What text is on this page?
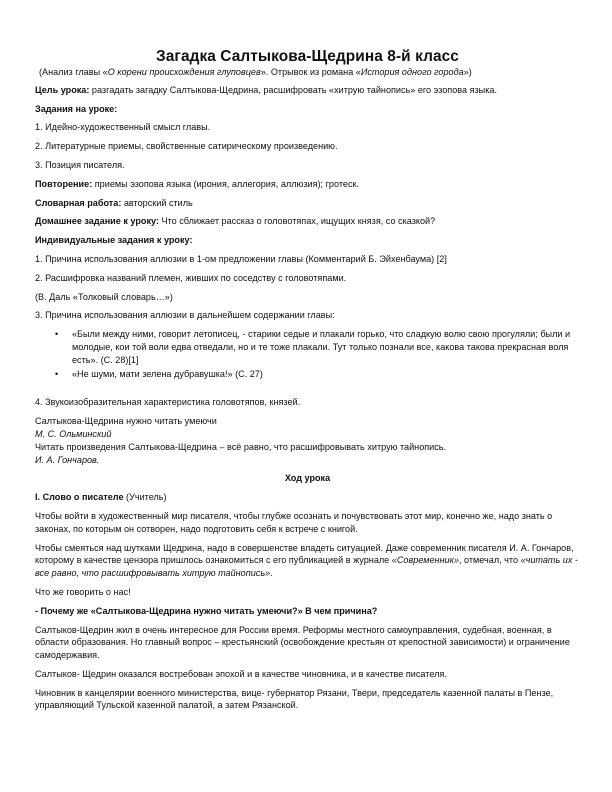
Загадка Салтыкова-Щедрина 8-й класс

(Анализ главы «О корени происхождения глуповцев». Отрывок из романа «История одного города»)

Цель урока: разгадать загадку Салтыкова-Щедрина, расшифровать «хитрую тайнопись» его эзопова языка.

Задания на уроке:

1. Идейно-художественный смысл главы.

2. Литературные приемы, свойственные сатирическому произведению.

3. Позиция писателя.

Повторение: приемы эзопова языка (ирония, аллегория, аллюзия); гротеск.

Словарная работа: авторский стиль

Домашнее задание к уроку: Что сближает рассказ о головотяпах, ищущих князя, со сказкой?

Индивидуальные задания к уроку:

1. Причина использования аллюзии в 1-ом предложении главы (Комментарий Б. Эйхенбаума) [2]

2. Расшифровка названий племен, живших по соседству с головотяпами.

(В. Даль «Толковый словарь…»)

3. Причина использования аллюзии в дальнейшем содержании главы:

• «Были между ними, говорит летописец, - старики седые и плакали горько, что сладкую волю свою прогуляли; были и молодые, кои той воли едва отведали, но и те тоже плакали. Тут только познали все, какова такова прекрасная воля есть». (С. 28)[1]
• «Не шуми, мати зелена дубравушка!» (С. 27)

4. Звукоизобразительная характеристика головотяпов, князей.

Салтыкова-Щедрина нужно читать умеючи

М. С. Ольминский

Читать произведения Салтыкова-Щедрина – всё равно, что расшифровывать хитрую тайнопись.

И. А. Гончаров.

Ход урока

I. Слово о писателе (Учитель)

Чтобы войти в художественный мир писателя, чтобы глубже осознать и почувствовать этот мир, конечно же, надо знать о законах, по которым он сотворен, надо подготовить себя к встрече с книгой.

Чтобы смеяться над шутками Щедрина, надо в совершенстве владеть ситуацией. Даже современник писателя И. А. Гончаров, которому в качестве цензора пришлось ознакомиться с его публикацией в журнале «Современник», отмечал, что «читать их - все равно, что расшифровывать хитрую тайнопись».

Что же говорить о нас!

- Почему же «Салтыкова-Щедрина нужно читать умеючи?» В чем причина?

Салтыков-Щедрин жил в очень интересное для России время. Реформы местного самоуправления, судебная, военная, в области образования. Но главный вопрос – крестьянский (освобождение крестьян от крепостной зависимости) и ограничение самодержавия.

Салтыков- Щедрин оказался востребован эпохой и в качестве чиновника, и в качестве писателя.

Чиновник в канцелярии военного министерства, вице- губернатор Рязани, Твери, председатель казенной палаты в Пензе, управляющий Тульской казенной палатой, а затем Рязанской.
